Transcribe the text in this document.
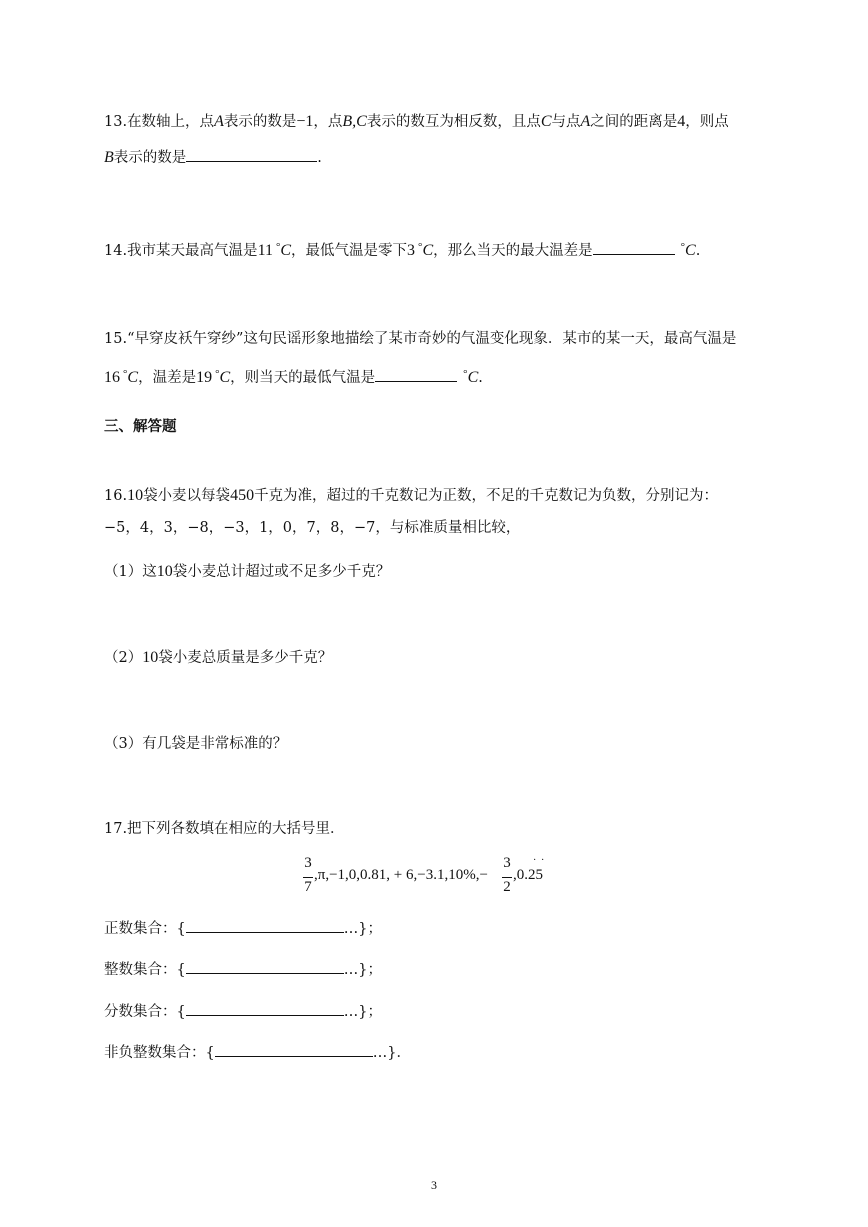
13.在数轴上，点A表示的数是−1，点B,C表示的数互为相反数，且点C与点A之间的距离是4，则点
B表示的数是	.
14.我市某天最高气温是11 °C，最低气温是零下3 °C，那么当天的最大温差是	°C.
15.“早穿皮袄午穿纱”这句民谣形象地描绘了某市奇妙的气温变化现象．某市的某一天，最高气温是
16 °C，温差是19 °C，则当天的最低气温是	°C.
三、解答题
16.10袋小麦以每袋450千克为准，超过的千克数记为正数，不足的千克数记为负数，分别记为：
−5，4，3，−8，−3，1，0，7，8，−7，与标准质量相比较，
（1）这10袋小麦总计超过或不足多少千克？
（2）10袋小麦总质量是多少千克？
（3）有几袋是非常标准的？
17.把下列各数填在相应的大括号里．
3
7
,π,−1,0,0.81, + 6,−3.1,10%,−
3
2
,0.25
· ·
正数集合：{	…}；
整数集合：{	…}；
分数集合：{	…}；
非负整数集合：{	…}．
3
